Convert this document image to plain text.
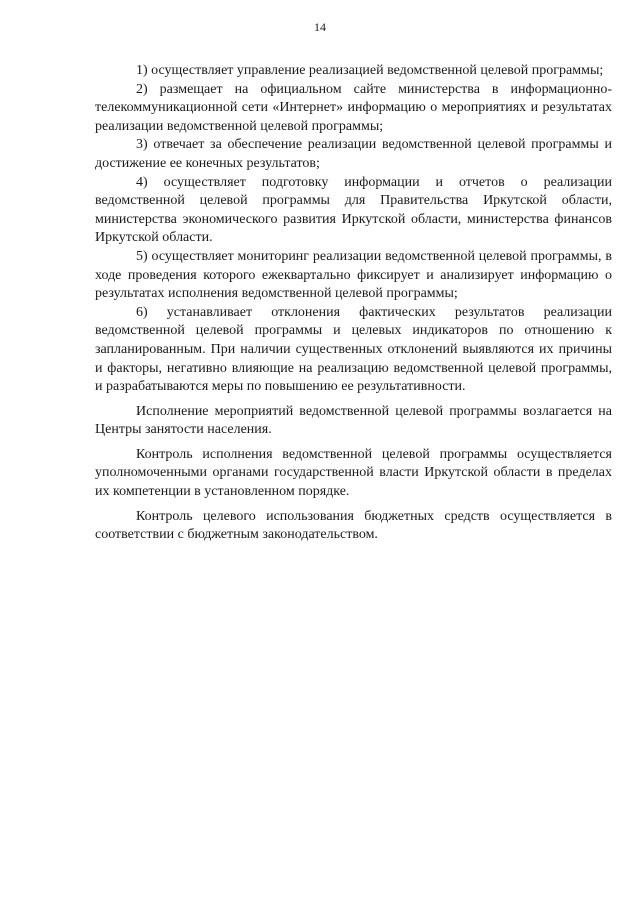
14

1) осуществляет управление реализацией ведомственной целевой программы;

2) размещает на официальном сайте министерства в информационно-телекоммуникационной сети «Интернет» информацию о мероприятиях и результатах реализации ведомственной целевой программы;

3) отвечает за обеспечение реализации ведомственной целевой программы и достижение ее конечных результатов;

4) осуществляет подготовку информации и отчетов о реализации ведомственной целевой программы для Правительства Иркутской области, министерства экономического развития Иркутской области, министерства финансов Иркутской области.

5) осуществляет мониторинг реализации ведомственной целевой программы, в ходе проведения которого ежеквартально фиксирует и анализирует информацию о результатах исполнения ведомственной целевой программы;

6) устанавливает отклонения фактических результатов реализации ведомственной целевой программы и целевых индикаторов по отношению к запланированным. При наличии существенных отклонений выявляются их причины и факторы, негативно влияющие на реализацию ведомственной целевой программы, и разрабатываются меры по повышению ее результативности.

Исполнение мероприятий ведомственной целевой программы возлагается на Центры занятости населения.

Контроль исполнения ведомственной целевой программы осуществляется уполномоченными органами государственной власти Иркутской области в пределах их компетенции в установленном порядке.

Контроль целевого использования бюджетных средств осуществляется в соответствии с бюджетным законодательством.
